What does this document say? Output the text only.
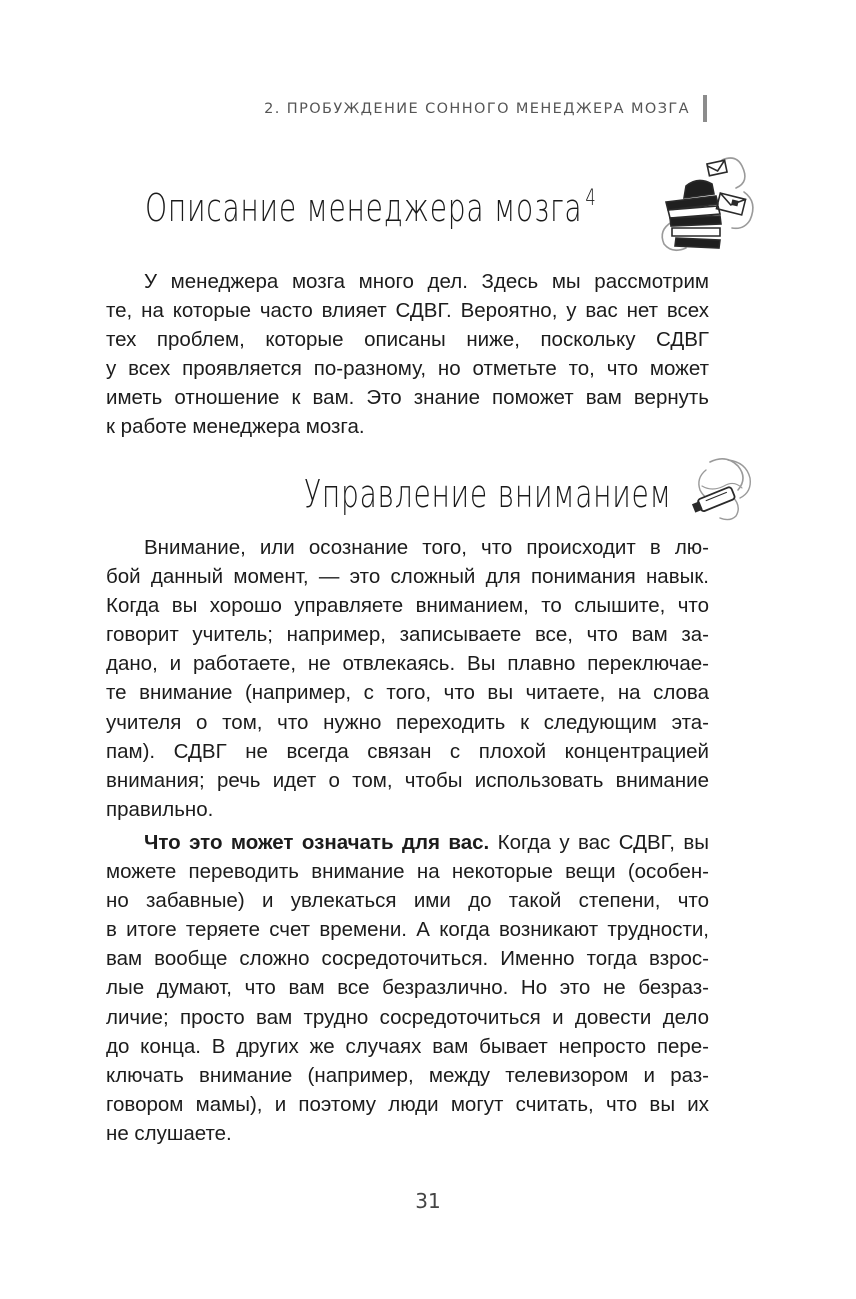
2. ПРОБУЖДЕНИЕ СОННОГО МЕНЕДЖЕРА МОЗГА
Описание менеджера мозга $^4$

У менеджера мозга много дел. Здесь мы рассмотрим
те, на которые часто влияет СДВГ. Вероятно, у вас нет всех
тех проблем, которые описаны ниже, поскольку СДВГ
у всех проявляется по-разному, но отметьте то, что может
иметь отношение к вам. Это знание поможет вам вернуть
к работе менеджера мозга.

Управление вниманием

Внимание, или осознание того, что происходит в лю-
бой данный момент, — это сложный для понимания навык.
Когда вы хорошо управляете вниманием, то слышите, что
говорит учитель; например, записываете все, что вам за-
дано, и работаете, не отвлекаясь. Вы плавно переключае-
те внимание (например, с того, что вы читаете, на слова
учителя о том, что нужно переходить к следующим эта-
пам). СДВГ не всегда связан с плохой концентрацией
внимания; речь идет о том, чтобы использовать внимание
правильно.

Что это может означать для вас. Когда у вас СДВГ, вы
можете переводить внимание на некоторые вещи (особен-
но забавные) и увлекаться ими до такой степени, что
в итоге теряете счет времени. А когда возникают трудности,
вам вообще сложно сосредоточиться. Именно тогда взрос-
лые думают, что вам все безразлично. Но это не безраз-
личие; просто вам трудно сосредоточиться и довести дело
до конца. В других же случаях вам бывает непросто пере-
ключать внимание (например, между телевизором и раз-
говором мамы), и поэтому люди могут считать, что вы их
не слушаете.

31
